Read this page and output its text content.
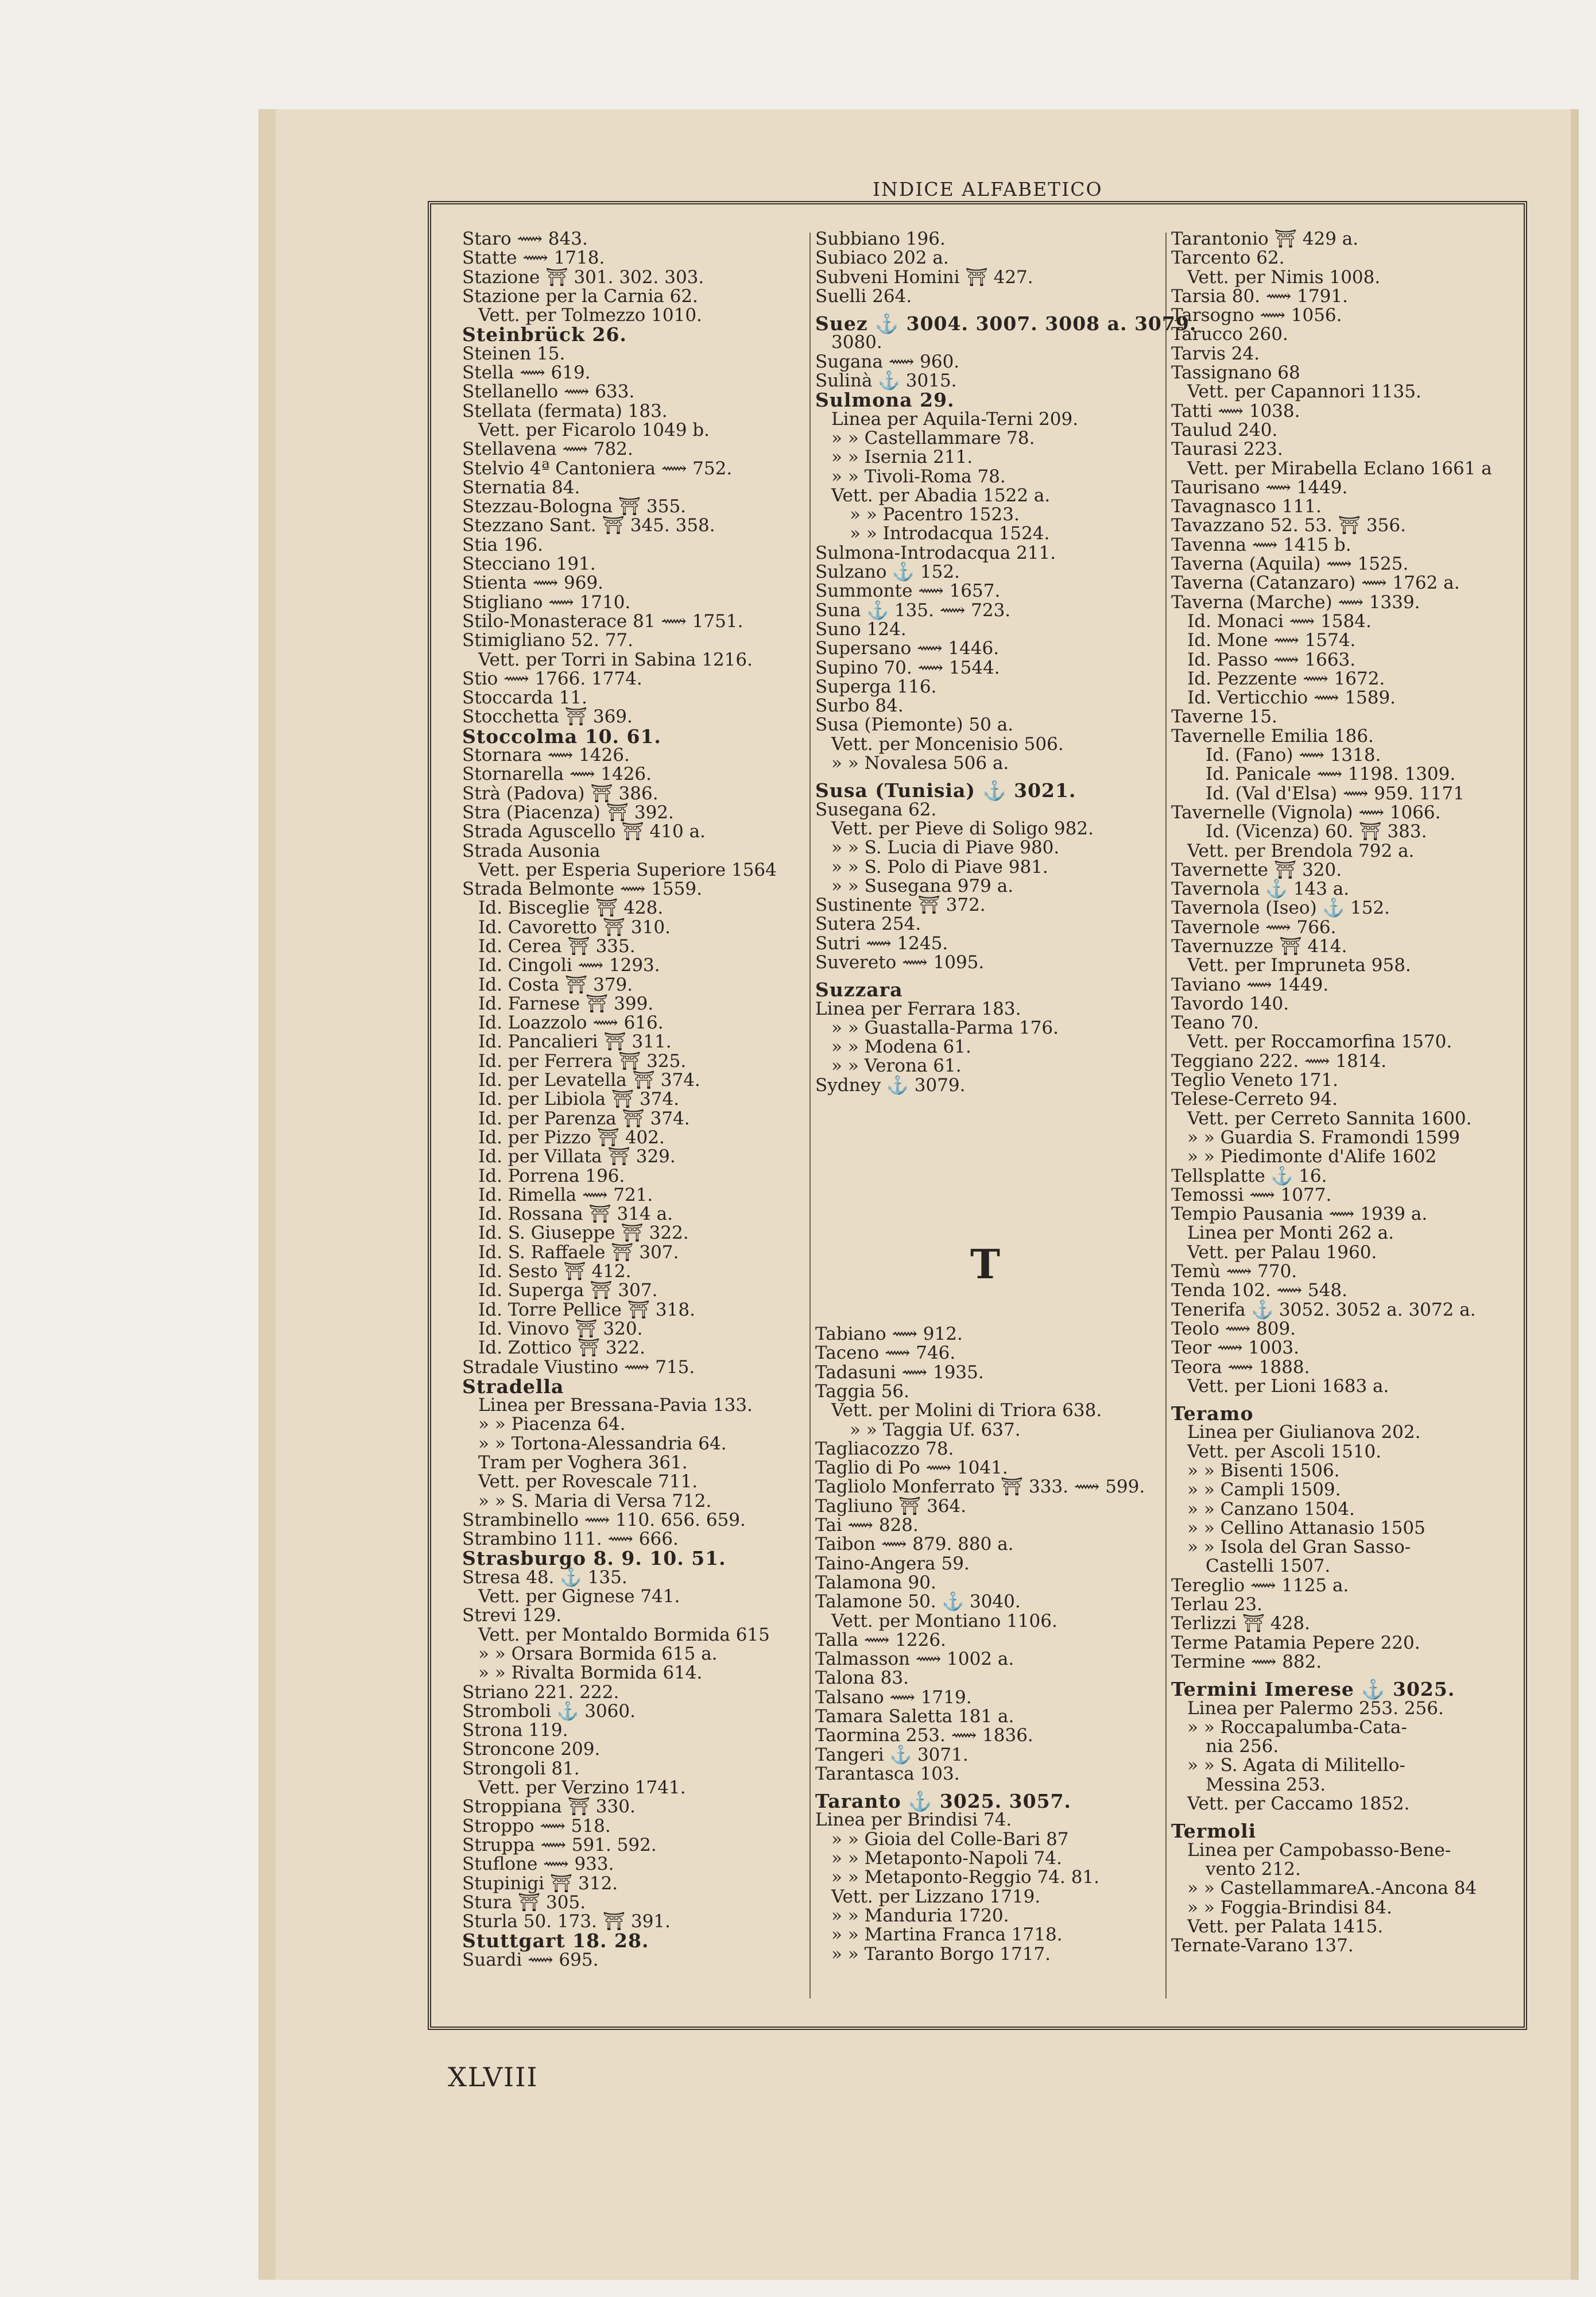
INDICE ALFABETICO
Staro ⟿ 843.
Statte ⟿ 1718.
Stazione ⛩ 301. 302. 303.
Stazione per la Carnia 62.
Vett. per Tolmezzo 1010.
Steinbrück 26.
Steinen 15.
Stella ⟿ 619.
Stellanello ⟿ 633.
Stellata (fermata) 183.
Vett. per Ficarolo 1049 b.
Stellavena ⟿ 782.
Stelvio 4ª Cantoniera ⟿ 752.
Sternatia 84.
Stezzau-Bologna ⛩ 355.
Stezzano Sant. ⛩ 345. 358.
Stia 196.
Stecciano 191.
Stienta ⟿ 969.
Stigliano ⟿ 1710.
Stilo-Monasterace 81 ⟿ 1751.
Stimigliano 52. 77.
Vett. per Torri in Sabina 1216.
Stio ⟿ 1766. 1774.
Stoccarda 11.
Stocchetta ⛩ 369.
Stoccolma 10. 61.
Stornara ⟿ 1426.
Stornarella ⟿ 1426.
Strà (Padova) ⛩ 386.
Stra (Piacenza) ⛩ 392.
Strada Aguscello ⛩ 410 a.
Strada Ausonia
Vett. per Esperia Superiore 1564
Strada Belmonte ⟿ 1559.
Id. Bisceglie ⛩ 428.
Id. Cavoretto ⛩ 310.
Id. Cerea ⛩ 335.
Id. Cingoli ⟿ 1293.
Id. Costa ⛩ 379.
Id. Farnese ⛩ 399.
Id. Loazzolo ⟿ 616.
Id. Pancalieri ⛩ 311.
Id. per Ferrera ⛩ 325.
Id. per Levatella ⛩ 374.
Id. per Libiola ⛩ 374.
Id. per Parenza ⛩ 374.
Id. per Pizzo ⛩ 402.
Id. per Villata ⛩ 329.
Id. Porrena 196.
Id. Rimella ⟿ 721.
Id. Rossana ⛩ 314 a.
Id. S. Giuseppe ⛩ 322.
Id. S. Raffaele ⛩ 307.
Id. Sesto ⛩ 412.
Id. Superga ⛩ 307.
Id. Torre Pellice ⛩ 318.
Id. Vinovo ⛩ 320.
Id. Zottico ⛩ 322.
Stradale Viustino ⟿ 715.
Stradella
Linea per Bressana-Pavia 133.
» » Piacenza 64.
» » Tortona-Alessandria 64.
Tram per Voghera 361.
Vett. per Rovescale 711.
» » S. Maria di Versa 712.
Strambinello ⟿ 110. 656. 659.
Strambino 111. ⟿ 666.
Strasburgo 8. 9. 10. 51.
Stresa 48. ⚓ 135.
Vett. per Gignese 741.
Strevi 129.
Vett. per Montaldo Bormida 615
» » Orsara Bormida 615 a.
» » Rivalta Bormida 614.
Striano 221. 222.
Stromboli ⚓ 3060.
Strona 119.
Stroncone 209.
Strongoli 81.
Vett. per Verzino 1741.
Stroppiana ⛩ 330.
Stroppo ⟿ 518.
Struppa ⟿ 591. 592.
Stuflone ⟿ 933.
Stupinigi ⛩ 312.
Stura ⛩ 305.
Sturla 50. 173. ⛩ 391.
Stuttgart 18. 28.
Suardi ⟿ 695.
Subbiano 196.
Subiaco 202 a.
Subveni Homini ⛩ 427.
Suelli 264.
Suez ⚓ 3004. 3007. 3008 a. 3079.
3080.
Sugana ⟿ 960.
Sulinà ⚓ 3015.
Sulmona 29.
Linea per Aquila-Terni 209.
» » Castellammare 78.
» » Isernia 211.
» » Tivoli-Roma 78.
Vett. per Abadia 1522 a.
» » Pacentro 1523.
» » Introdacqua 1524.
Sulmona-Introdacqua 211.
Sulzano ⚓ 152.
Summonte ⟿ 1657.
Suna ⚓ 135. ⟿ 723.
Suno 124.
Supersano ⟿ 1446.
Supino 70. ⟿ 1544.
Superga 116.
Surbo 84.
Susa (Piemonte) 50 a.
Vett. per Moncenisio 506.
» » Novalesa 506 a.
Susa (Tunisia) ⚓ 3021.
Susegana 62.
Vett. per Pieve di Soligo 982.
» » S. Lucia di Piave 980.
» » S. Polo di Piave 981.
» » Susegana 979 a.
Sustinente ⛩ 372.
Sutera 254.
Sutri ⟿ 1245.
Suvereto ⟿ 1095.
Suzzara
Linea per Ferrara 183.
» » Guastalla-Parma 176.
» » Modena 61.
» » Verona 61.
Sydney ⚓ 3079.
Tabiano ⟿ 912.
Taceno ⟿ 746.
Tadasuni ⟿ 1935.
Taggia 56.
Vett. per Molini di Triora 638.
» » Taggia Uf. 637.
Tagliacozzo 78.
Taglio di Po ⟿ 1041.
Tagliolo Monferrato ⛩ 333. ⟿ 599.
Tagliuno ⛩ 364.
Tai ⟿ 828.
Taibon ⟿ 879. 880 a.
Taino-Angera 59.
Talamona 90.
Talamone 50. ⚓ 3040.
Vett. per Montiano 1106.
Talla ⟿ 1226.
Talmasson ⟿ 1002 a.
Talona 83.
Talsano ⟿ 1719.
Tamara Saletta 181 a.
Taormina 253. ⟿ 1836.
Tangeri ⚓ 3071.
Tarantasca 103.
Taranto ⚓ 3025. 3057.
Linea per Brindisi 74.
» » Gioia del Colle-Bari 87
» » Metaponto-Napoli 74.
» » Metaponto-Reggio 74. 81.
Vett. per Lizzano 1719.
» » Manduria 1720.
» » Martina Franca 1718.
» » Taranto Borgo 1717.
Tarantonio ⛩ 429 a.
Tarcento 62.
Vett. per Nimis 1008.
Tarsia 80. ⟿ 1791.
Tarsogno ⟿ 1056.
Tarucco 260.
Tarvis 24.
Tassignano 68
Vett. per Capannori 1135.
Tatti ⟿ 1038.
Taulud 240.
Taurasi 223.
Vett. per Mirabella Eclano 1661 a
Taurisano ⟿ 1449.
Tavagnasco 111.
Tavazzano 52. 53. ⛩ 356.
Tavenna ⟿ 1415 b.
Taverna (Aquila) ⟿ 1525.
Taverna (Catanzaro) ⟿ 1762 a.
Taverna (Marche) ⟿ 1339.
Id. Monaci ⟿ 1584.
Id. Mone ⟿ 1574.
Id. Passo ⟿ 1663.
Id. Pezzente ⟿ 1672.
Id. Verticchio ⟿ 1589.
Taverne 15.
Tavernelle Emilia 186.
Id. (Fano) ⟿ 1318.
Id. Panicale ⟿ 1198. 1309.
Id. (Val d'Elsa) ⟿ 959. 1171
Tavernelle (Vignola) ⟿ 1066.
Id. (Vicenza) 60. ⛩ 383.
Vett. per Brendola 792 a.
Tavernette ⛩ 320.
Tavernola ⚓ 143 a.
Tavernola (Iseo) ⚓ 152.
Tavernole ⟿ 766.
Tavernuzze ⛩ 414.
Vett. per Impruneta 958.
Taviano ⟿ 1449.
Tavordo 140.
Teano 70.
Vett. per Roccamorfina 1570.
Teggiano 222. ⟿ 1814.
Teglio Veneto 171.
Telese-Cerreto 94.
Vett. per Cerreto Sannita 1600.
» » Guardia S. Framondi 1599
» » Piedimonte d'Alife 1602
Tellsplatte ⚓ 16.
Temossi ⟿ 1077.
Tempio Pausania ⟿ 1939 a.
Linea per Monti 262 a.
Vett. per Palau 1960.
Temù ⟿ 770.
Tenda 102. ⟿ 548.
Tenerifa ⚓ 3052. 3052 a. 3072 a.
Teolo ⟿ 809.
Teor ⟿ 1003.
Teora ⟿ 1888.
Vett. per Lioni 1683 a.
Teramo
Linea per Giulianova 202.
Vett. per Ascoli 1510.
» » Bisenti 1506.
» » Campli 1509.
» » Canzano 1504.
» » Cellino Attanasio 1505
» » Isola del Gran Sasso-
Castelli 1507.
Tereglio ⟿ 1125 a.
Terlau 23.
Terlizzi ⛩ 428.
Terme Patamia Pepere 220.
Termine ⟿ 882.
Termini Imerese ⚓ 3025.
Linea per Palermo 253. 256.
» » Roccapalumba-Cata-
nia 256.
» » S. Agata di Militello-
Messina 253.
Vett. per Caccamo 1852.
Termoli
Linea per Campobasso-Bene-
vento 212.
» » CastellammareA.-Ancona 84
» » Foggia-Brindisi 84.
Vett. per Palata 1415.
Ternate-Varano 137.
T
XLVIII
